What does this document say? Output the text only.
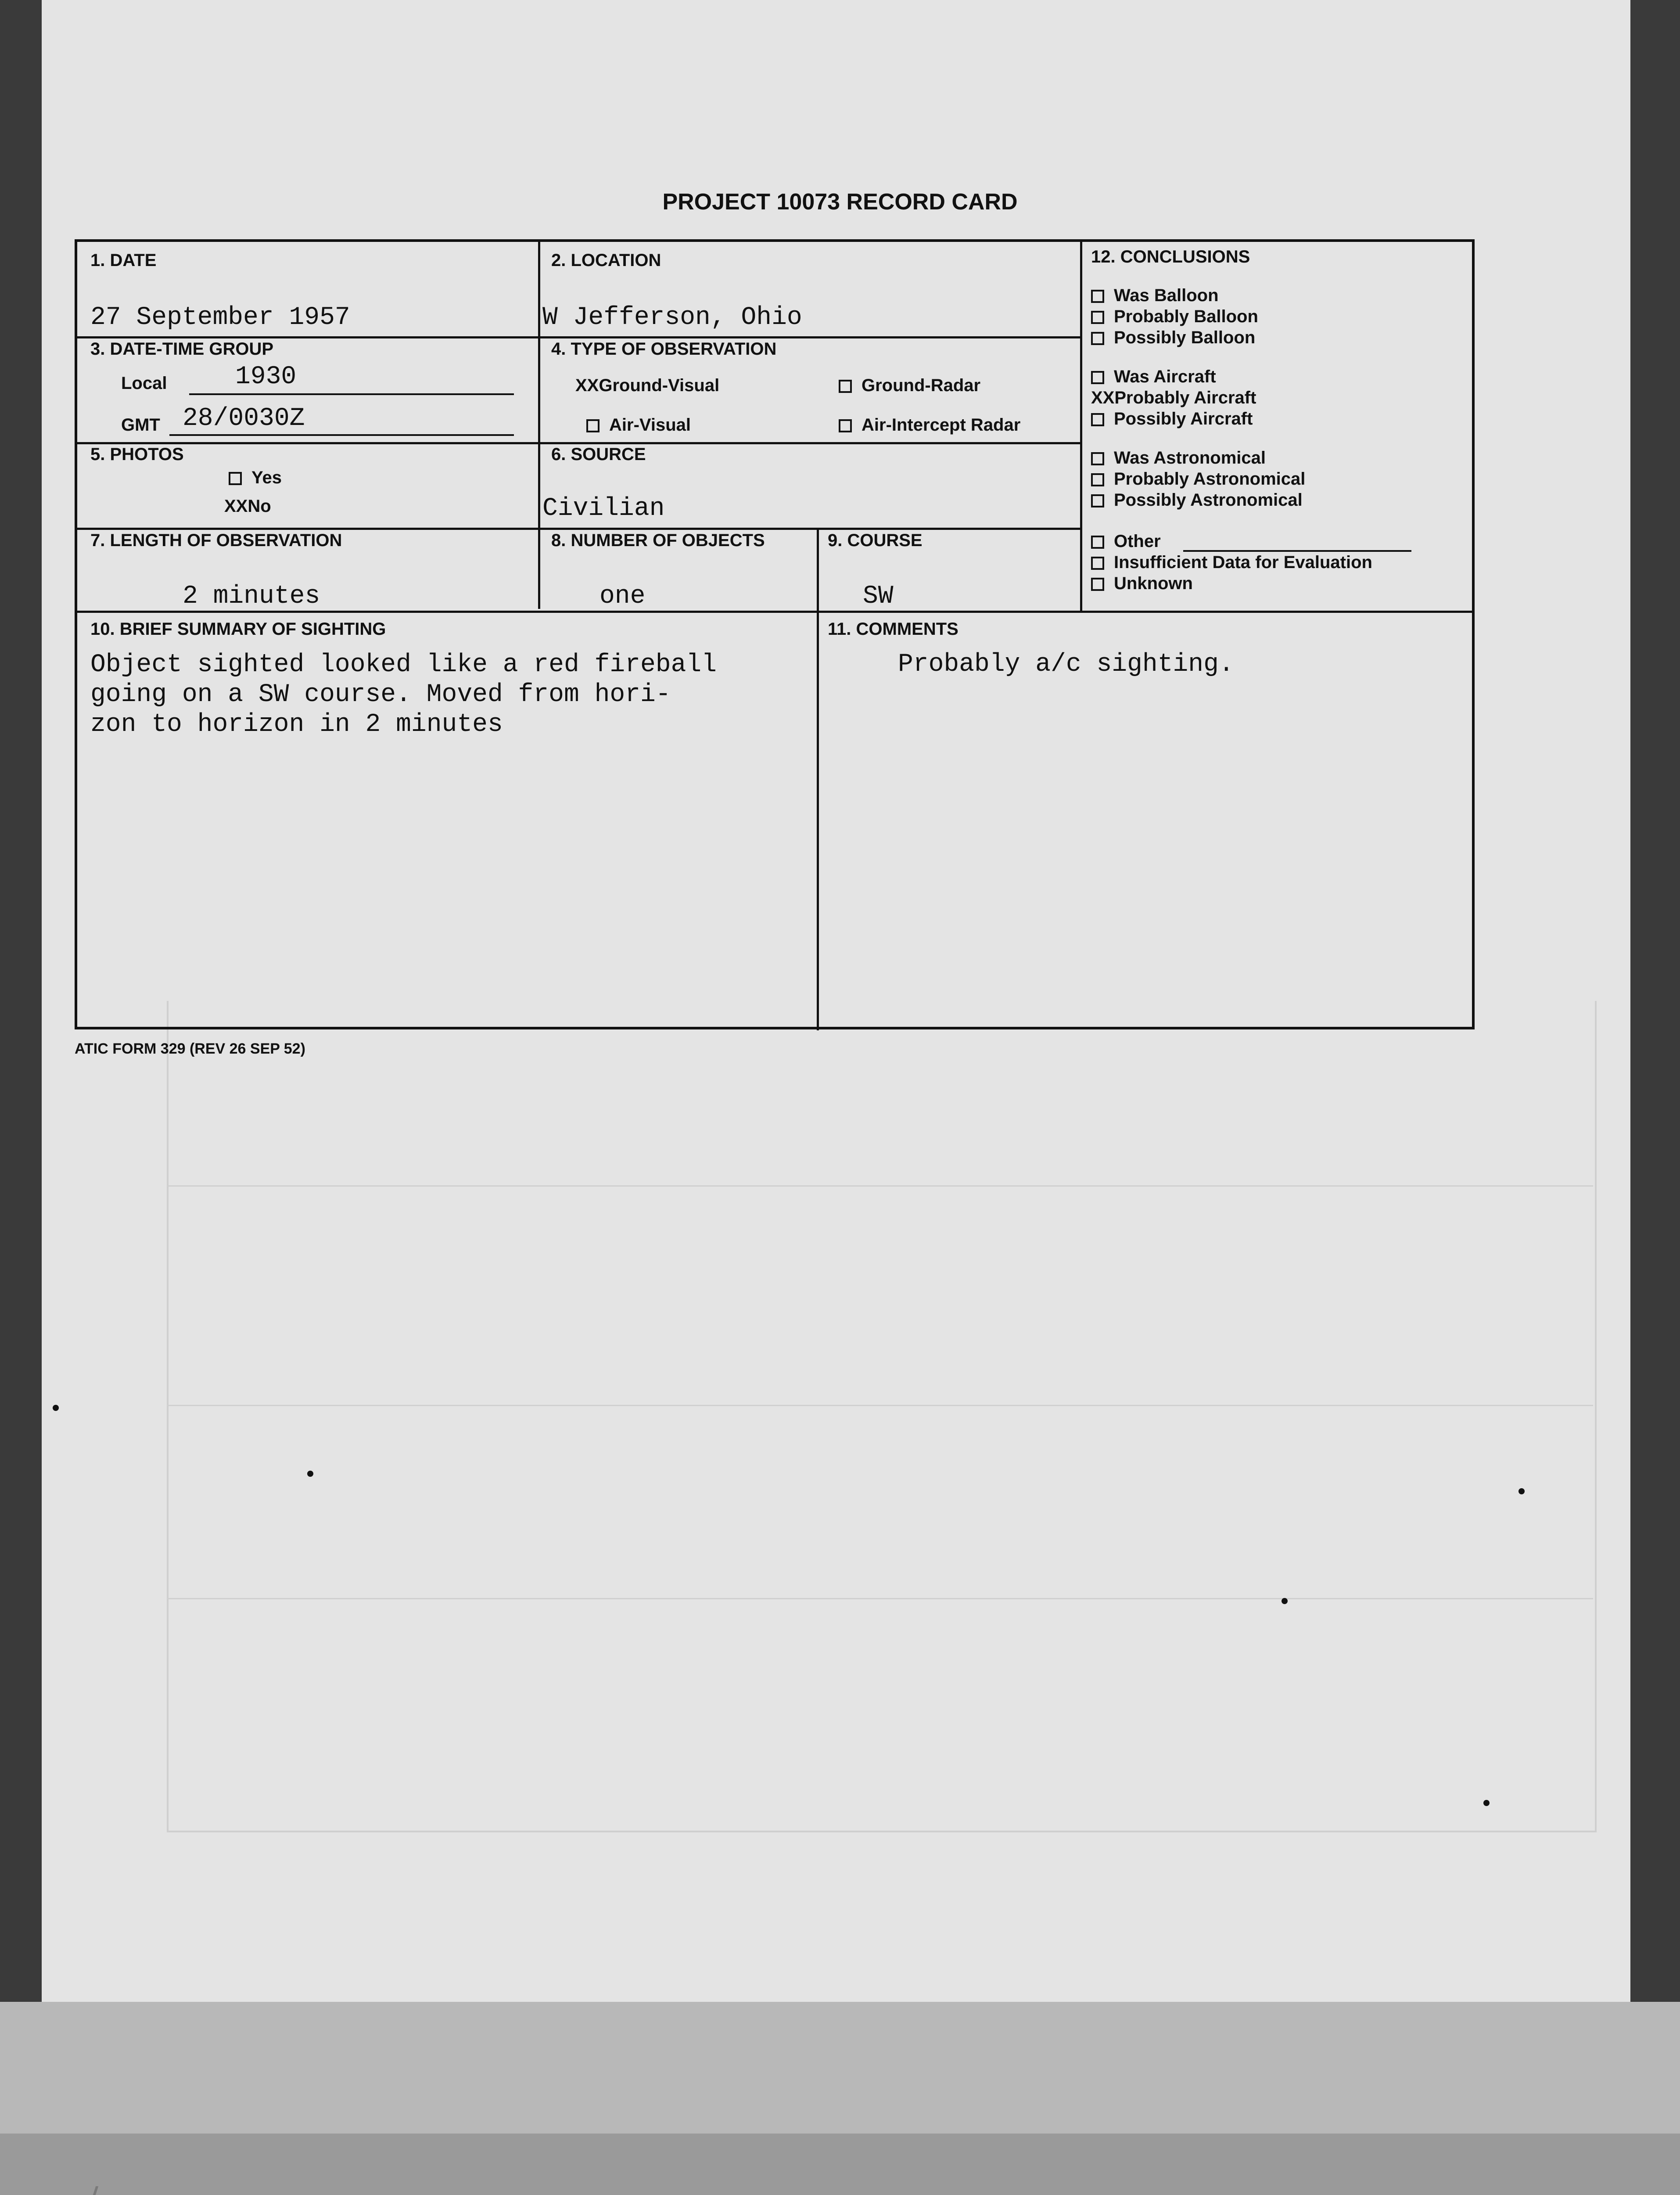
PROJECT 10073 RECORD CARD
1. DATE
27 September 1957
2. LOCATION
W Jefferson, Ohio
3. DATE-TIME GROUP
Local	1930
GMT 28/0030Z
4. TYPE OF OBSERVATION
XXGround-Visual	Ground-Radar
Air-Visual	Air-Intercept Radar
5. PHOTOS
Yes
XXNo
6. SOURCE
Civilian
7. LENGTH OF OBSERVATION
2 minutes
8. NUMBER OF OBJECTS
one
9. COURSE
SW
12. CONCLUSIONS
Was Balloon
Probably Balloon
Possibly Balloon
Was Aircraft
XXProbably Aircraft
Possibly Aircraft
Was Astronomical
Probably Astronomical
Possibly Astronomical
Other
Insufficient Data for Evaluation
Unknown
10. BRIEF SUMMARY OF SIGHTING
Object sighted looked like a red fireball
going on a SW course. Moved from hori-
zon to horizon in 2 minutes
11. COMMENTS
Probably a/c sighting.
ATIC FORM 329 (REV 26 SEP 52)
